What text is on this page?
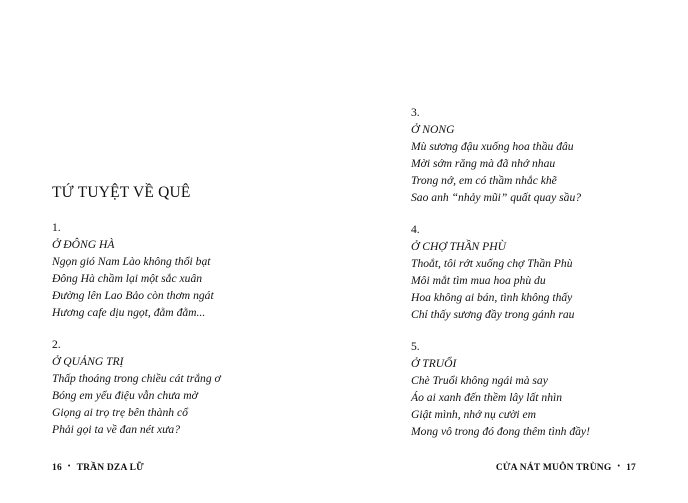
TỨ TUYỆT VỀ QUÊ
1.
Ở ĐÔNG HÀ
Ngọn gió Nam Lào không thổi bạt
Đông Hà chầm lại một sắc xuân
Đường lên Lao Bảo còn thơm ngát
Hương cafe dịu ngọt, đằm đằm...
2.
Ở QUẢNG TRỊ
Thấp thoáng trong chiều cát trắng ơ
Bóng em yểu điệu vẫn chưa mờ
Giọng ai trọ trẹ bên thành cổ
Phải gọi ta về đan nét xưa?
16 • TRẦN DZA LỮ
3.
Ở NONG
Mù sương đậu xuống hoa thầu đâu
Mời sớm răng mà đã nhớ nhau
Trong nớ, em có thầm nhắc khẽ
Sao anh “nhảy mũi” quất quay sầu?
4.
Ở CHỢ THẦN PHÙ
Thoắt, tôi rớt xuống chợ Thần Phù
Môi mắt tìm mua hoa phù du
Hoa không ai bán, tình không thấy
Chỉ thấy sương đầy trong gánh rau
5.
Ở TRUỔI
Chè Truổi không ngái mà say
Áo ai xanh đến thềm lây lất nhìn
Giật mình, nhớ nụ cười em
Mong vô trong đó đong thêm tình đầy!
CỬA NÁT MUÔN TRÙNG • 17
